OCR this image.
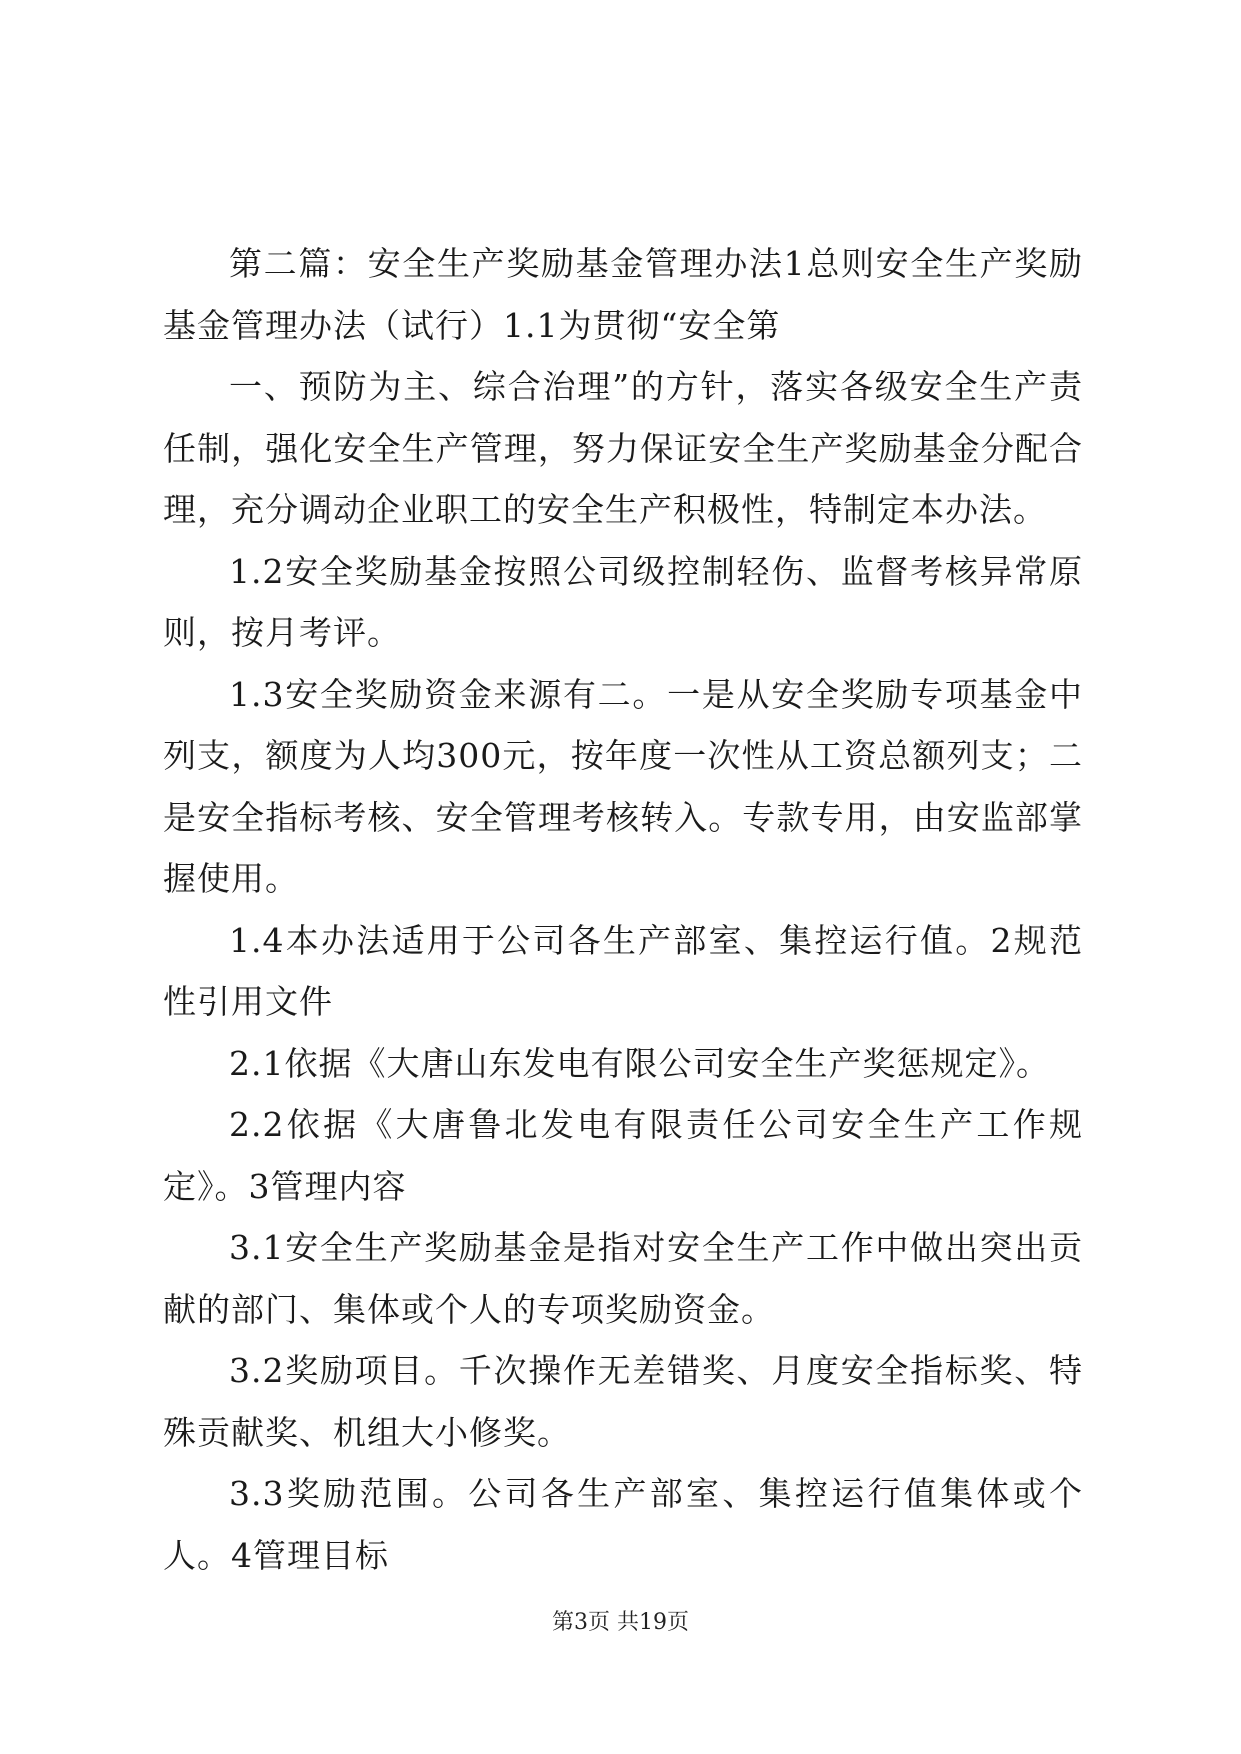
第二篇：安全生产奖励基金管理办法1总则安全生产奖励基金管理办法（试行）1.1为贯彻“安全第

一、预防为主、综合治理”的方针，落实各级安全生产责任制，强化安全生产管理，努力保证安全生产奖励基金分配合理，充分调动企业职工的安全生产积极性，特制定本办法。

1.2安全奖励基金按照公司级控制轻伤、监督考核异常原则，按月考评。

1.3安全奖励资金来源有二。一是从安全奖励专项基金中列支，额度为人均300元，按年度一次性从工资总额列支；二是安全指标考核、安全管理考核转入。专款专用，由安监部掌握使用。

1.4本办法适用于公司各生产部室、集控运行值。2规范性引用文件

2.1依据《大唐山东发电有限公司安全生产奖惩规定》。

2.2依据《大唐鲁北发电有限责任公司安全生产工作规定》。3管理内容

3.1安全生产奖励基金是指对安全生产工作中做出突出贡献的部门、集体或个人的专项奖励资金。

3.2奖励项目。千次操作无差错奖、月度安全指标奖、特殊贡献奖、机组大小修奖。

3.3奖励范围。公司各生产部室、集控运行值集体或个人。4管理目标

第3页 共19页
